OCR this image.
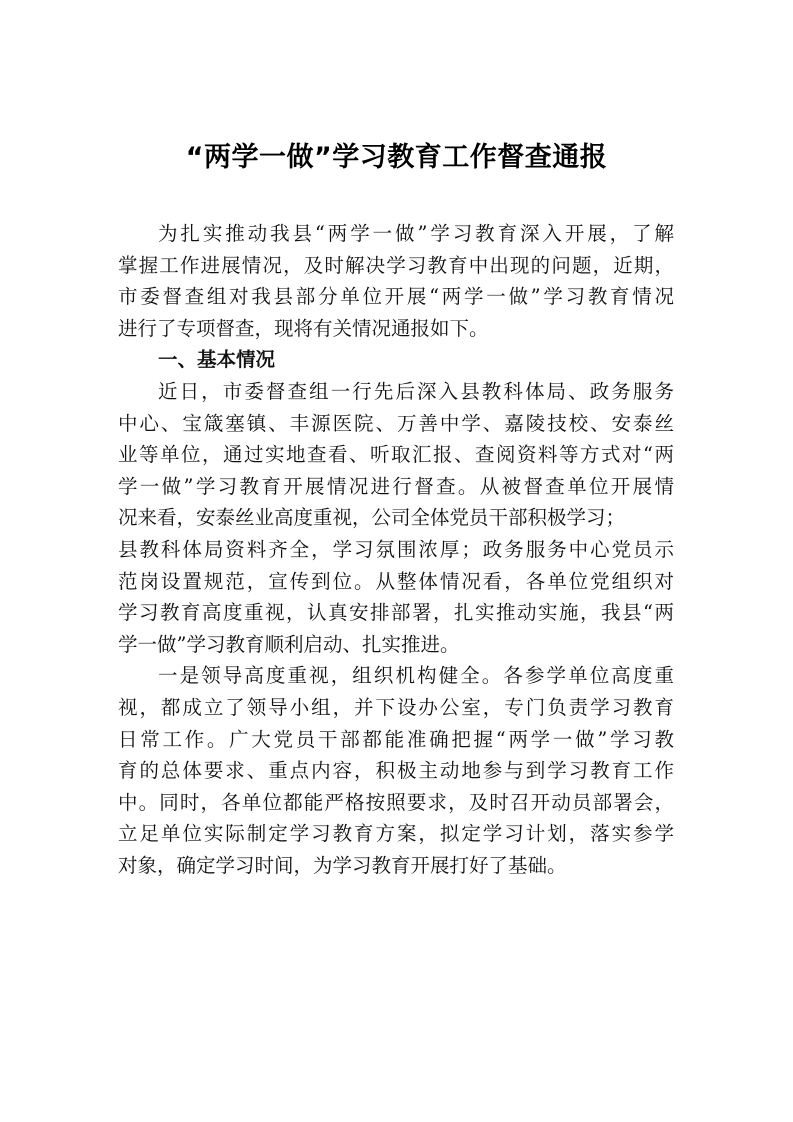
“两学一做”学习教育工作督查通报
为扎实推动我县“两学一做”学习教育深入开展，了解
掌握工作进展情况，及时解决学习教育中出现的问题，近期，
市委督查组对我县部分单位开展“两学一做”学习教育情况
进行了专项督查，现将有关情况通报如下。
一、基本情况
近日，市委督查组一行先后深入县教科体局、政务服务
中心、宝箴塞镇、丰源医院、万善中学、嘉陵技校、安泰丝
业等单位，通过实地查看、听取汇报、查阅资料等方式对“两
学一做”学习教育开展情况进行督查。从被督查单位开展情
况来看，安泰丝业高度重视，公司全体党员干部积极学习；
县教科体局资料齐全，学习氛围浓厚；政务服务中心党员示
范岗设置规范，宣传到位。从整体情况看，各单位党组织对
学习教育高度重视，认真安排部署，扎实推动实施，我县“两
学一做”学习教育顺利启动、扎实推进。
一是领导高度重视，组织机构健全。各参学单位高度重
视，都成立了领导小组，并下设办公室，专门负责学习教育
日常工作。广大党员干部都能准确把握“两学一做”学习教
育的总体要求、重点内容，积极主动地参与到学习教育工作
中。同时，各单位都能严格按照要求，及时召开动员部署会，
立足单位实际制定学习教育方案，拟定学习计划，落实参学
对象，确定学习时间，为学习教育开展打好了基础。
